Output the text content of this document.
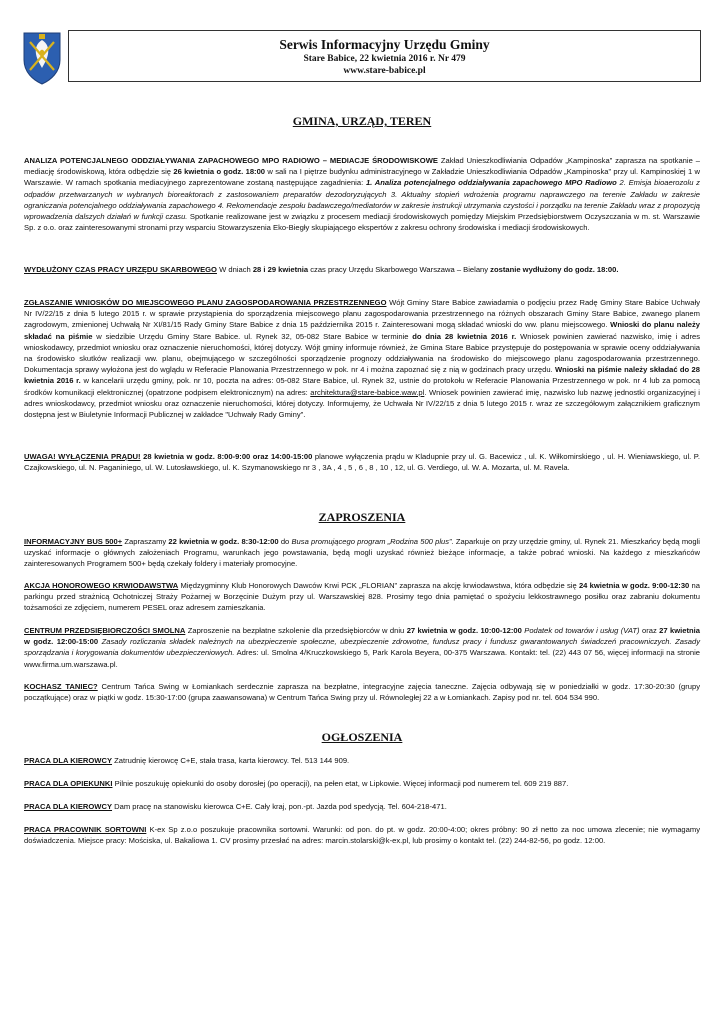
Serwis Informacyjny Urzędu Gminy
Stare Babice, 22 kwietnia 2016 r. Nr 479
www.stare-babice.pl
GMINA, URZĄD, TEREN
ANALIZA POTENCJALNEGO ODDZIAŁYWANIA ZAPACHOWEGO MPO RADIOWO – MEDIACJE ŚRODOWISKOWE Zakład Unieszkodliwiania Odpadów „Kampinoska” zaprasza na spotkanie – mediację środowiskową, która odbędzie się 26 kwietnia o godz. 18:00 w sali na I piętrze budynku administracyjnego w Zakładzie Unieszkodliwiania Odpadów „Kampinoska” przy ul. Kampinoskiej 1 w Warszawie. W ramach spotkania mediacyjnego zaprezentowane zostaną następujące zagadnienia: 1. Analiza potencjalnego oddziaływania zapachowego MPO Radiowo 2. Emisja bioaerozolu z odpadów przetwarzanych w wybranych bioreaktorach z zastosowaniem preparatów dezodoryzujących 3. Aktualny stopień wdrożenia programu naprawczego na terenie Zakładu w zakresie ograniczania potencjalnego oddziaływania zapachowego 4. Rekomendacje zespołu badawczego/mediatorów w zakresie instrukcji utrzymania czystości i porządku na terenie Zakładu wraz z propozycją wprowadzenia dalszych działań w funkcji czasu. Spotkanie realizowane jest w związku z procesem mediacji środowiskowych pomiędzy Miejskim Przedsiębiorstwem Oczyszczania w m. st. Warszawie Sp. z o.o. oraz zainteresowanymi stronami przy wsparciu Stowarzyszenia Eko-Biegły skupiającego ekspertów z zakresu ochrony środowiska i mediacji środowiskowych.
WYDŁUŻONY CZAS PRACY URZĘDU SKARBOWEGO W dniach 28 i 29 kwietnia czas pracy Urzędu Skarbowego Warszawa – Bielany zostanie wydłużony do godz. 18:00.
ZGŁASZANIE WNIOSKÓW DO MIEJSCOWEGO PLANU ZAGOSPODAROWANIA PRZESTRZENNEGO Wójt Gminy Stare Babice zawiadamia o podjęciu przez Radę Gminy Stare Babice Uchwały Nr IV/22/15 z dnia 5 lutego 2015 r. w sprawie przystąpienia do sporządzenia miejscowego planu zagospodarowania przestrzennego na różnych obszarach Gminy Stare Babice, zwanego planem zagrodowym, zmienionej Uchwałą Nr XI/81/15 Rady Gminy Stare Babice z dnia 15 października 2015 r. Zainteresowani mogą składać wnioski do ww. planu miejscowego. Wnioski do planu należy składać na piśmie w siedzibie Urzędu Gminy Stare Babice. ul. Rynek 32, 05-082 Stare Babice w terminie do dnia 28 kwietnia 2016 r. Wniosek powinien zawierać nazwisko, imię i adres wnioskodawcy, przedmiot wniosku oraz oznaczenie nieruchomości, której dotyczy. Wójt gminy informuje również, że Gmina Stare Babice przystępuje do postępowania w sprawie oceny oddziaływania na środowisko skutków realizacji ww. planu, obejmującego w szczególności sporządzenie prognozy oddziaływania na środowisko do miejscowego planu zagospodarowania przestrzennego. Dokumentacja sprawy wyłożona jest do wglądu w Referacie Planowania Przestrzennego w pok. nr 4 i można zapoznać się z nią w godzinach pracy urzędu. Wnioski na piśmie należy składać do 28 kwietnia 2016 r. w kancelarii urzędu gminy, pok. nr 10, poczta na adres: 05-082 Stare Babice, ul. Rynek 32, ustnie do protokołu w Referacie Planowania Przestrzennego w pok. nr 4 lub za pomocą środków komunikacji elektronicznej (opatrzone podpisem elektronicznym) na adres: architektura@stare-babice.waw.pl. Wniosek powinien zawierać imię, nazwisko lub nazwę jednostki organizacyjnej i adres wnioskodawcy, przedmiot wniosku oraz oznaczenie nieruchomości, której dotyczy. Informujemy, że Uchwała Nr IV/22/15 z dnia 5 lutego 2015 r. wraz ze szczegółowym załącznikiem graficznym dostępna jest w Biuletynie Informacji Publicznej w zakładce "Uchwały Rady Gminy".
UWAGA! WYŁĄCZENIA PRĄDU! 28 kwietnia w godz. 8:00-9:00 oraz 14:00-15:00 planowe wyłączenia prądu w Kladupnie przy ul. G. Bacewicz , ul. K. Wiłkomirskiego , ul. H. Wieniawskiego, ul. P. Czajkowskiego, ul. N. Paganiniego, ul. W. Lutosławskiego, ul. K. Szymanowskiego nr 3 , 3A , 4 , 5 , 6 , 8 , 10 , 12, ul. G. Verdiego, ul. W. A. Mozarta, ul. M. Ravela.
ZAPROSZENIA
INFORMACYJNY BUS 500+ Zapraszamy 22 kwietnia w godz. 8:30-12:00 do Busa promującego program „Rodzina 500 plus”. Zaparkuje on przy urzędzie gminy, ul. Rynek 21. Mieszkańcy będą mogli uzyskać informacje o głównych założeniach Programu, warunkach jego powstawania, będą mogli uzyskać również bieżące informacje, a także pobrać wnioski. Na każdego z mieszkańców zainteresowanych Programem 500+ będą czekały foldery i materiały promocyjne.
AKCJA HONOROWEGO KRWIODAWSTWA Międzygminny Klub Honorowych Dawców Krwi PCK „FLORIAN” zaprasza na akcję krwiodawstwa, która odbędzie się 24 kwietnia w godz. 9:00-12:30 na parkingu przed strażnicą Ochotniczej Straży Pożarnej w Borzęcinie Dużym przy ul. Warszawskiej 828. Prosimy tego dnia pamiętać o spożyciu lekkostrawnego posiłku oraz zabraniu dokumentu tożsamości ze zdjęciem, numerem PESEL oraz adresem zamieszkania.
CENTRUM PRZEDSIĘBIORCZOŚCI SMOLNA Zaproszenie na bezpłatne szkolenie dla przedsiębiorców w dniu 27 kwietnia w godz. 10:00-12:00 Podatek od towarów i usług (VAT) oraz 27 kwietnia w godz. 12:00-15:00 Zasady rozliczania składek należnych na ubezpieczenie społeczne, ubezpieczenie zdrowotne, fundusz pracy i fundusz gwarantowanych świadczeń pracowniczych. Zasady sporządzania i korygowania dokumentów ubezpieczeniowych. Adres: ul. Smolna 4/Kruczkowskiego 5, Park Karola Beyera, 00-375 Warszawa. Kontakt: tel. (22) 443 07 56, więcej informacji na stronie www.firma.um.warszawa.pl.
KOCHASZ TANIEC? Centrum Tańca Swing w Łomiankach serdecznie zaprasza na bezpłatne, integracyjne zajęcia taneczne. Zajęcia odbywają się w poniedziałki w godz. 17:30-20:30 (grupy początkujące) oraz w piątki w godz. 15:30-17:00 (grupa zaawansowana) w Centrum Tańca Swing przy ul. Równoległej 22 a w Łomiankach. Zapisy pod nr. tel. 604 534 990.
OGŁOSZENIA
PRACA DLA KIEROWCY Zatrudnię kierowcę C+E, stała trasa, karta kierowcy. Tel. 513 144 909.
PRACA DLA OPIEKUNKI Pilnie poszukuję opiekunki do osoby dorosłej (po operacji), na pełen etat, w Lipkowie. Więcej informacji pod numerem tel. 609 219 887.
PRACA DLA KIEROWCY Dam pracę na stanowisku kierowca C+E. Cały kraj, pon.-pt. Jazda pod spedycją. Tel. 604-218-471.
PRACA PRACOWNIK SORTOWNI K-ex Sp z.o.o poszukuje pracownika sortowni. Warunki: od pon. do pt. w godz. 20:00-4:00; okres próbny: 90 zł netto za noc umowa zlecenie; nie wymagamy doświadczenia. Miejsce pracy: Mościska, ul. Bakaliowa 1. CV prosimy przesłać na adres: marcin.stolarski@k-ex.pl, lub prosimy o kontakt tel. (22) 244-82-56, po godz. 12:00.
